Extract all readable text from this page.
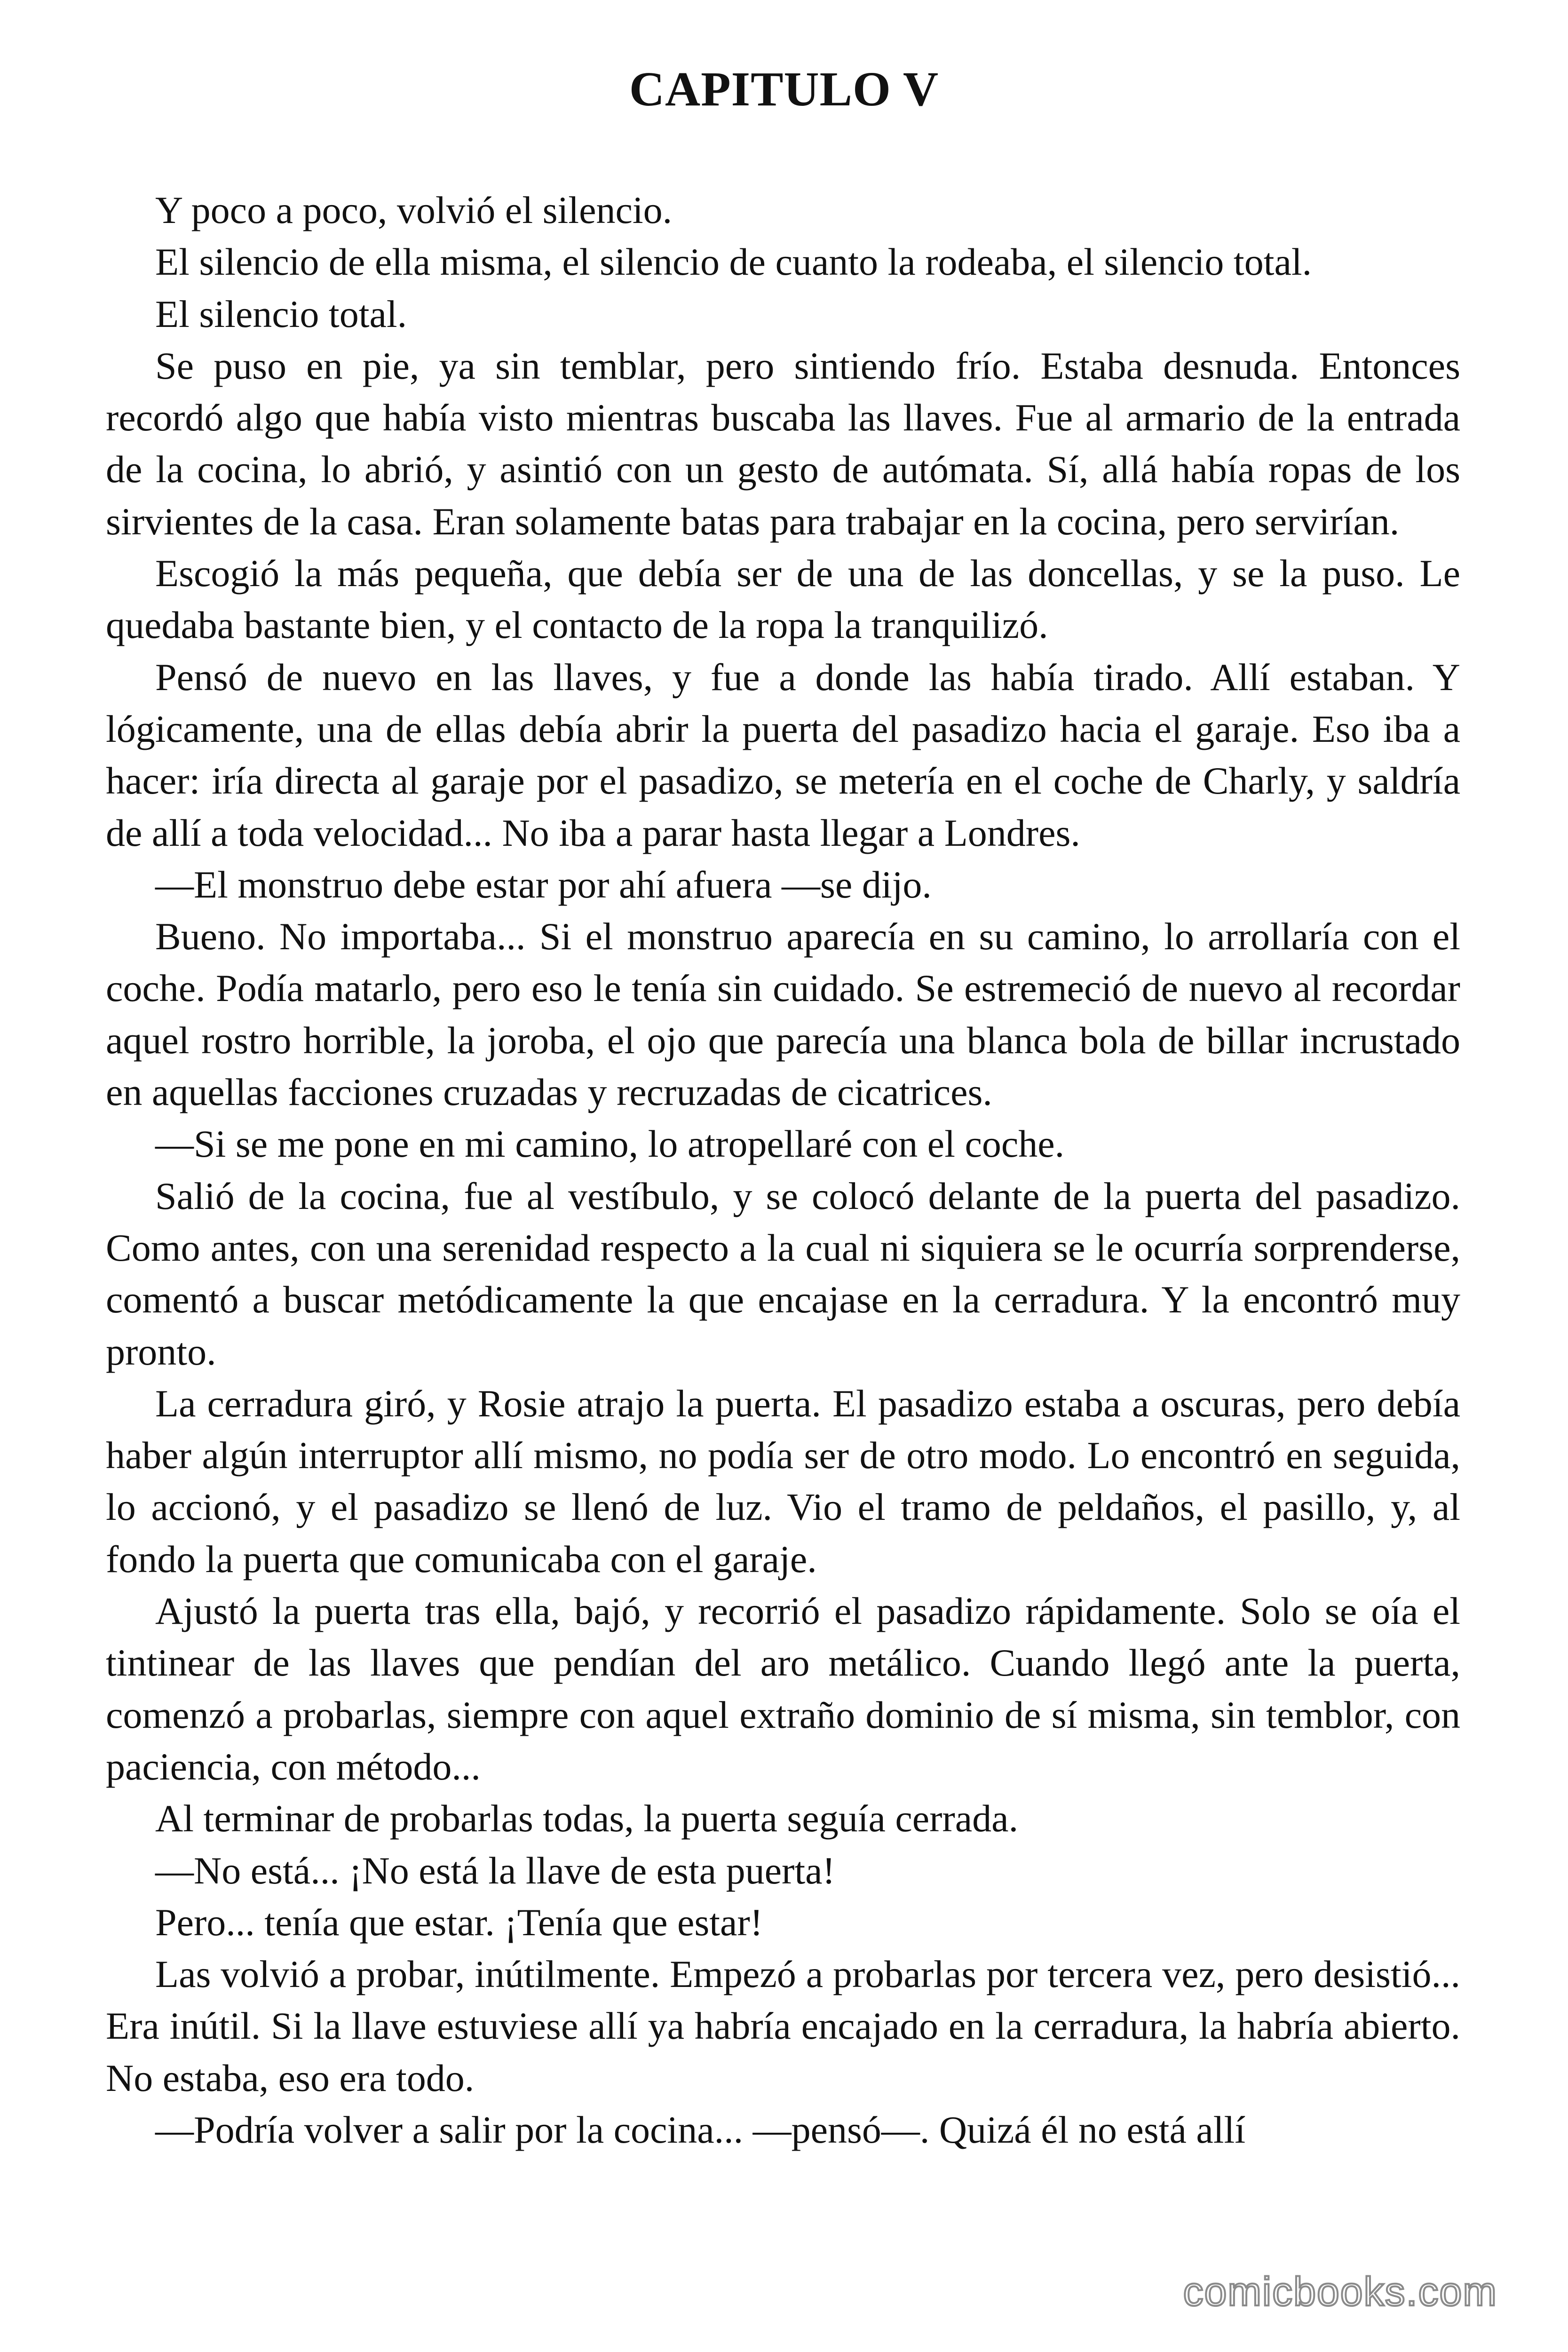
CAPITULO V

Y poco a poco, volvió el silencio.

El silencio de ella misma, el silencio de cuanto la rodeaba, el silencio total.

El silencio total.

Se puso en pie, ya sin temblar, pero sintiendo frío. Estaba desnuda. Entonces recordó algo que había visto mientras buscaba las llaves. Fue al armario de la entrada de la cocina, lo abrió, y asintió con un gesto de autómata. Sí, allá había ropas de los sirvientes de la casa. Eran solamente batas para trabajar en la cocina, pero servirían.

Escogió la más pequeña, que debía ser de una de las doncellas, y se la puso. Le quedaba bastante bien, y el contacto de la ropa la tranquilizó.

Pensó de nuevo en las llaves, y fue a donde las había tirado. Allí estaban. Y lógicamente, una de ellas debía abrir la puerta del pasadizo hacia el garaje. Eso iba a hacer: iría directa al garaje por el pasadizo, se metería en el coche de Charly, y saldría de allí a toda velocidad... No iba a parar hasta llegar a Londres.

—El monstruo debe estar por ahí afuera —se dijo.

Bueno. No importaba... Si el monstruo aparecía en su camino, lo arrollaría con el coche. Podía matarlo, pero eso le tenía sin cuidado. Se estremeció de nuevo al recordar aquel rostro horrible, la joroba, el ojo que parecía una blanca bola de billar incrustado en aquellas facciones cruzadas y recruzadas de cicatrices.

—Si se me pone en mi camino, lo atropellaré con el coche.

Salió de la cocina, fue al vestíbulo, y se colocó delante de la puerta del pasadizo. Como antes, con una serenidad respecto a la cual ni siquiera se le ocurría sorprenderse, comentó a buscar metódicamente la que encajase en la cerradura. Y la encontró muy pronto.

La cerradura giró, y Rosie atrajo la puerta. El pasadizo estaba a oscuras, pero debía haber algún interruptor allí mismo, no podía ser de otro modo. Lo encontró en seguida, lo accionó, y el pasadizo se llenó de luz. Vio el tramo de peldaños, el pasillo, y, al fondo la puerta que comunicaba con el garaje.

Ajustó la puerta tras ella, bajó, y recorrió el pasadizo rápidamente. Solo se oía el tintinear de las llaves que pendían del aro metálico. Cuando llegó ante la puerta, comenzó a probarlas, siempre con aquel extraño dominio de sí misma, sin temblor, con paciencia, con método...

Al terminar de probarlas todas, la puerta seguía cerrada.

—No está... ¡No está la llave de esta puerta!

Pero... tenía que estar. ¡Tenía que estar!

Las volvió a probar, inútilmente. Empezó a probarlas por tercera vez, pero desistió... Era inútil. Si la llave estuviese allí ya habría encajado en la cerradura, la habría abierto. No estaba, eso era todo.

—Podría volver a salir por la cocina... —pensó—. Quizá él no está allí

comicbooks.com
